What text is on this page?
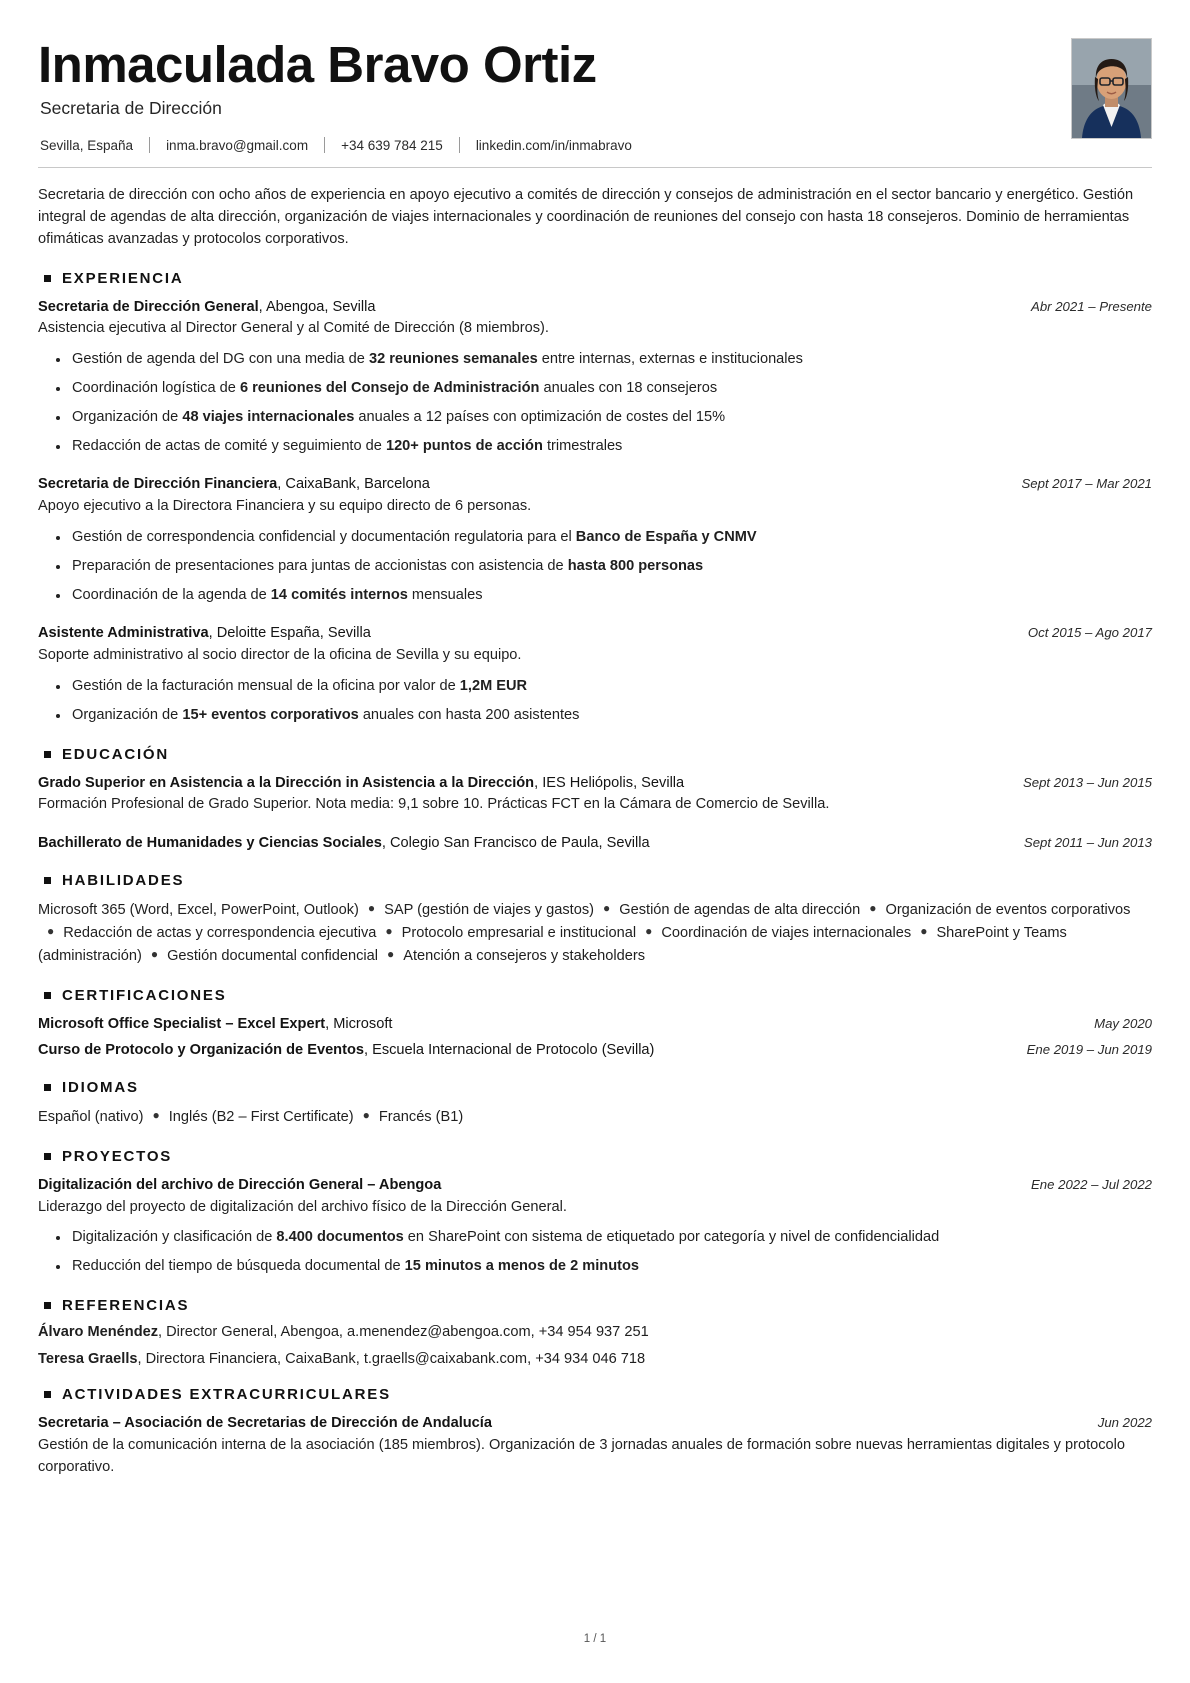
Inmaculada Bravo Ortiz
Secretaria de Dirección
Sevilla, España inma.bravo@gmail.com +34 639 784 215 linkedin.com/in/inmabravo

Secretaria de dirección con ocho años de experiencia en apoyo ejecutivo a comités de dirección y consejos de administración en el sector bancario y energético. Gestión integral de agendas de alta dirección, organización de viajes internacionales y coordinación de reuniones del consejo con hasta 18 consejeros. Dominio de herramientas ofimáticas avanzadas y protocolos corporativos.

EXPERIENCIA
Secretaria de Dirección General, Abengoa, Sevilla	Abr 2021 – Presente
Asistencia ejecutiva al Director General y al Comité de Dirección (8 miembros).
Gestión de agenda del DG con una media de 32 reuniones semanales entre internas, externas e institucionales
Coordinación logística de 6 reuniones del Consejo de Administración anuales con 18 consejeros
Organización de 48 viajes internacionales anuales a 12 países con optimización de costes del 15%
Redacción de actas de comité y seguimiento de 120+ puntos de acción trimestrales
Secretaria de Dirección Financiera, CaixaBank, Barcelona	Sept 2017 – Mar 2021
Apoyo ejecutivo a la Directora Financiera y su equipo directo de 6 personas.
Gestión de correspondencia confidencial y documentación regulatoria para el Banco de España y CNMV
Preparación de presentaciones para juntas de accionistas con asistencia de hasta 800 personas
Coordinación de la agenda de 14 comités internos mensuales
Asistente Administrativa, Deloitte España, Sevilla	Oct 2015 – Ago 2017
Soporte administrativo al socio director de la oficina de Sevilla y su equipo.
Gestión de la facturación mensual de la oficina por valor de 1,2M EUR
Organización de 15+ eventos corporativos anuales con hasta 200 asistentes
EDUCACIÓN
Grado Superior en Asistencia a la Dirección in Asistencia a la Dirección, IES Heliópolis, Sevilla	Sept 2013 – Jun 2015
Formación Profesional de Grado Superior. Nota media: 9,1 sobre 10. Prácticas FCT en la Cámara de Comercio de Sevilla.
Bachillerato de Humanidades y Ciencias Sociales, Colegio San Francisco de Paula, Sevilla	Sept 2011 – Jun 2013
HABILIDADES
Microsoft 365 (Word, Excel, PowerPoint, Outlook) ● SAP (gestión de viajes y gastos) ● Gestión de agendas de alta dirección ● Organización de eventos corporativos● Redacción de actas y correspondencia ejecutiva ● Protocolo empresarial e institucional ● Coordinación de viajes internacionales ● SharePoint y Teams (administración) ● Gestión documental confidencial ● Atención a consejeros y stakeholders
CERTIFICACIONES
Microsoft Office Specialist – Excel Expert, Microsoft	May 2020
Curso de Protocolo y Organización de Eventos, Escuela Internacional de Protocolo (Sevilla)	Ene 2019 – Jun 2019
IDIOMAS
Español (nativo) ● Inglés (B2 – First Certificate) ● Francés (B1)
PROYECTOS
Digitalización del archivo de Dirección General – Abengoa	Ene 2022 – Jul 2022
Liderazgo del proyecto de digitalización del archivo físico de la Dirección General.
Digitalización y clasificación de 8.400 documentos en SharePoint con sistema de etiquetado por categoría y nivel de confidencialidad
Reducción del tiempo de búsqueda documental de 15 minutos a menos de 2 minutos
REFERENCIAS
Álvaro Menéndez, Director General, Abengoa, a.menendez@abengoa.com, +34 954 937 251
Teresa Graells, Directora Financiera, CaixaBank, t.graells@caixabank.com, +34 934 046 718
ACTIVIDADES EXTRACURRICULARES
Secretaria – Asociación de Secretarias de Dirección de Andalucía	Jun 2022
Gestión de la comunicación interna de la asociación (185 miembros). Organización de 3 jornadas anuales de formación sobre nuevas herramientas digitales y protocolo corporativo.
1 / 1
